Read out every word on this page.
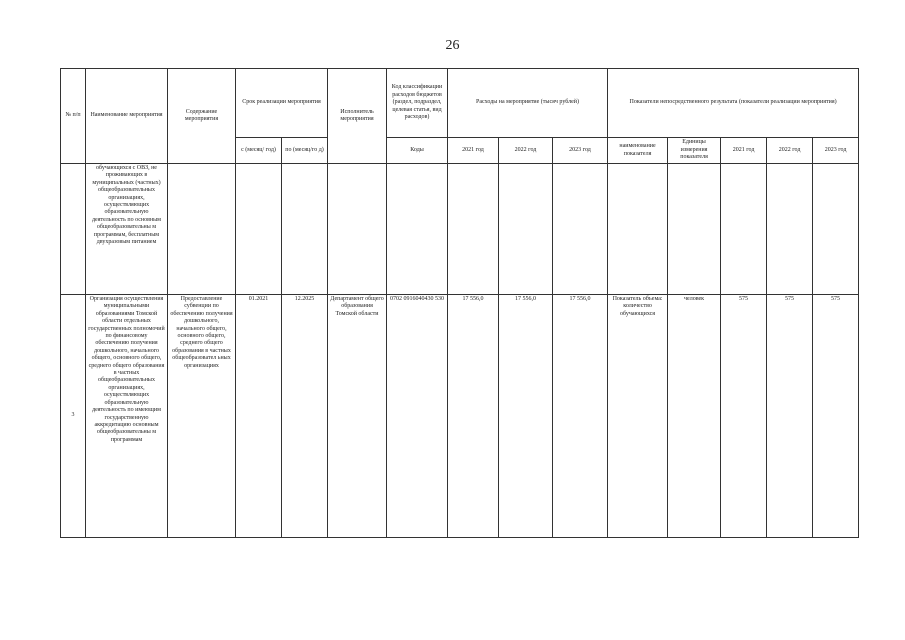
26
№ п/п	Наименование мероприятия	Содержание мероприятия	Срок реализации мероприятия		Исполнитель мероприятия	Код классификации расходов бюджетов (раздел, подраздел, целевая статья, вид расходов)	Расходы на мероприятие (тысяч рублей)			Показатели непосредственного результата (показатели реализации мероприятия)				
			с (месяц/ год)	по (месяц/го д)		Коды	2021 год	2022 год	2023 год	наименование показателя	Единицы измерения показателя	2021 год	2022 год	2023 год
	обучающихся с ОВЗ, не проживающих в муниципальных (частных) общеобразовательных организациях, осуществляющих образовательную деятельность по основным общеобразовательны м программам, бесплатным двухразовым питанием													
3	Организация осуществления муниципальными образованиями Томской области отдельных государственных полномочий по финансовому обеспечению получения дошкольного, начального общего, основного общего, среднего общего образования в частных общеобразовательных организациях, осуществляющих образовательную деятельность по имеющим государственную аккредитацию основным общеобразовательны м программам	Предоставление субвенции по обеспечению получения дошкольного, начального общего, основного общего, среднего общего образования в частных общеобразовател ьных организациях	01.2021	12.2025	Департамент общего образования Томской области	0702 0916040430 530	17 556,0	17 556,0	17 556,0	Показатель объема: количество обучающихся	человек	575	575	575
